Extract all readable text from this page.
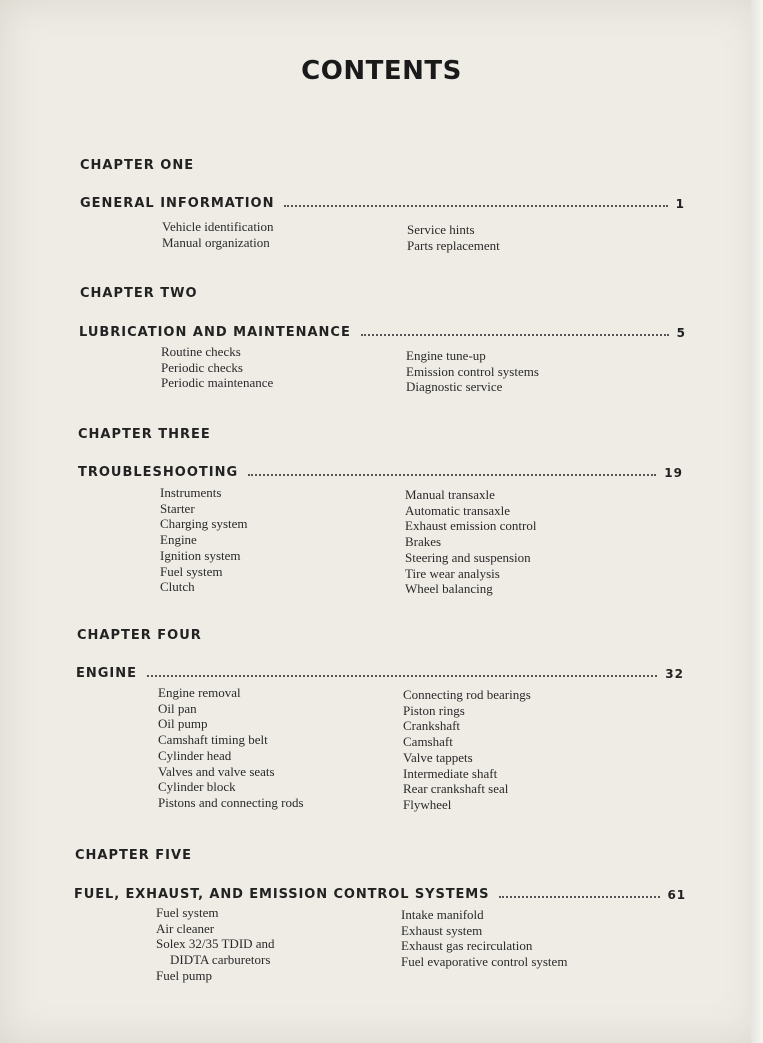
CONTENTS
CHAPTER ONE
GENERAL INFORMATION	1
Vehicle identification
Manual organization
Service hints
Parts replacement
CHAPTER TWO
LUBRICATION AND MAINTENANCE	5
Routine checks
Periodic checks
Periodic maintenance
Engine tune-up
Emission control systems
Diagnostic service
CHAPTER THREE
TROUBLESHOOTING	19
Instruments
Starter
Charging system
Engine
Ignition system
Fuel system
Clutch
Manual transaxle
Automatic transaxle
Exhaust emission control
Brakes
Steering and suspension
Tire wear analysis
Wheel balancing
CHAPTER FOUR
ENGINE	32
Engine removal
Oil pan
Oil pump
Camshaft timing belt
Cylinder head
Valves and valve seats
Cylinder block
Pistons and connecting rods
Connecting rod bearings
Piston rings
Crankshaft
Camshaft
Valve tappets
Intermediate shaft
Rear crankshaft seal
Flywheel
CHAPTER FIVE
FUEL, EXHAUST, AND EMISSION CONTROL SYSTEMS	61
Fuel system
Air cleaner
Solex 32/35 TDID and
DIDTA carburetors
Fuel pump
Intake manifold
Exhaust system
Exhaust gas recirculation
Fuel evaporative control system
